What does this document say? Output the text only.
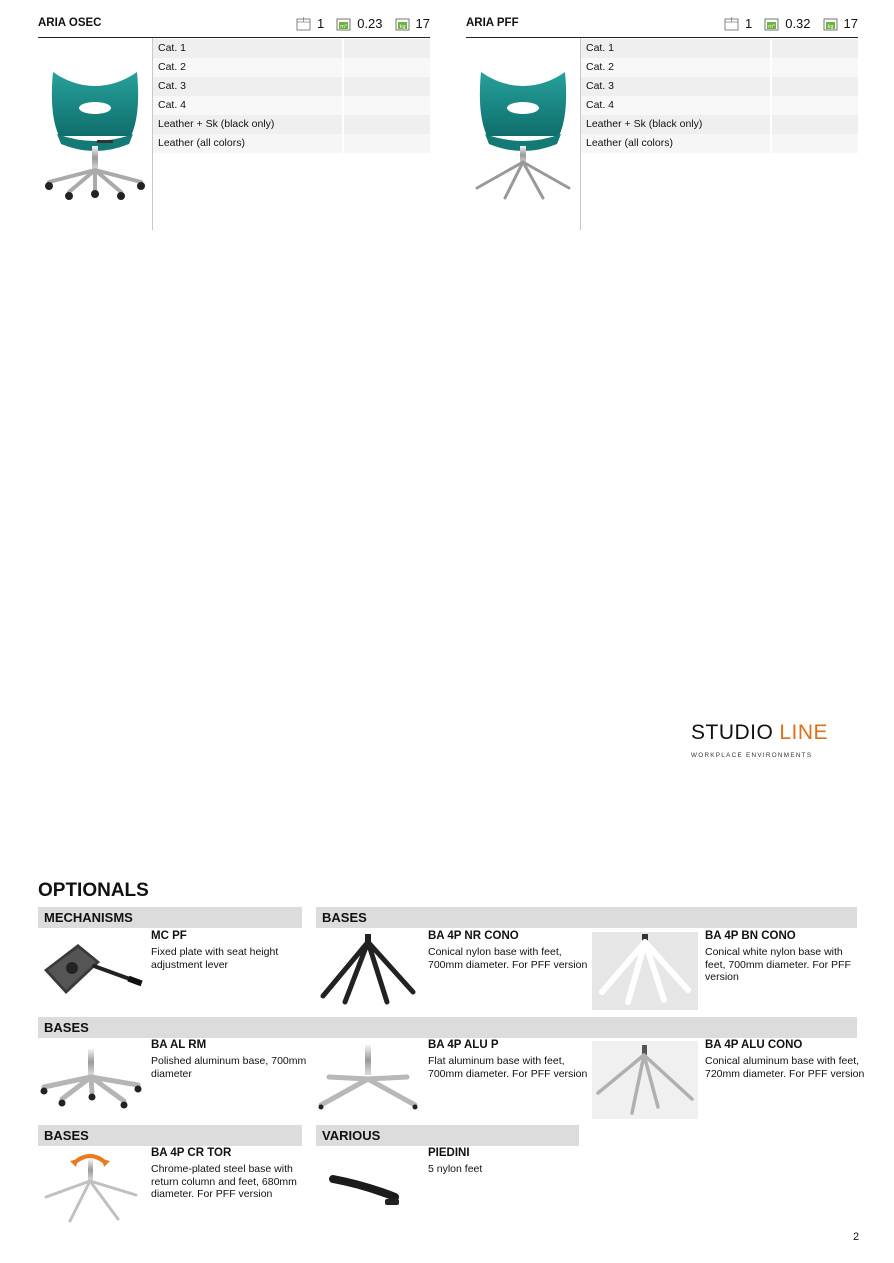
ARIA OSEC	1	m³ 0.23	kg 17
Cat. 1
Cat. 2
Cat. 3
Cat. 4
Leather + Sk (black only)
Leather (all colors)
ARIA PFF	1	m³ 0.32	kg 17
Cat. 1
Cat. 2
Cat. 3
Cat. 4
Leather + Sk (black only)
Leather (all colors)
STUDIO LINE
WORKPLACE ENVIRONMENTS
OPTIONALS
MECHANISMS	BASES
BASES
BASES	VARIOUS
MC PF
Fixed plate with seat height adjustment lever
BA 4P NR CONO
Conical nylon base with feet, 700mm diameter. For PFF version
BA 4P BN CONO
Conical white nylon base with feet, 700mm diameter. For PFF version
BA AL RM
Polished aluminum base, 700mm diameter
BA 4P ALU P
Flat aluminum base with feet, 700mm diameter. For PFF version
BA 4P ALU CONO
Conical aluminum base with feet, 720mm diameter. For PFF version
BA 4P CR TOR
Chrome-plated steel base with return column and feet, 680mm diameter. For PFF version
PIEDINI
5 nylon feet
2
